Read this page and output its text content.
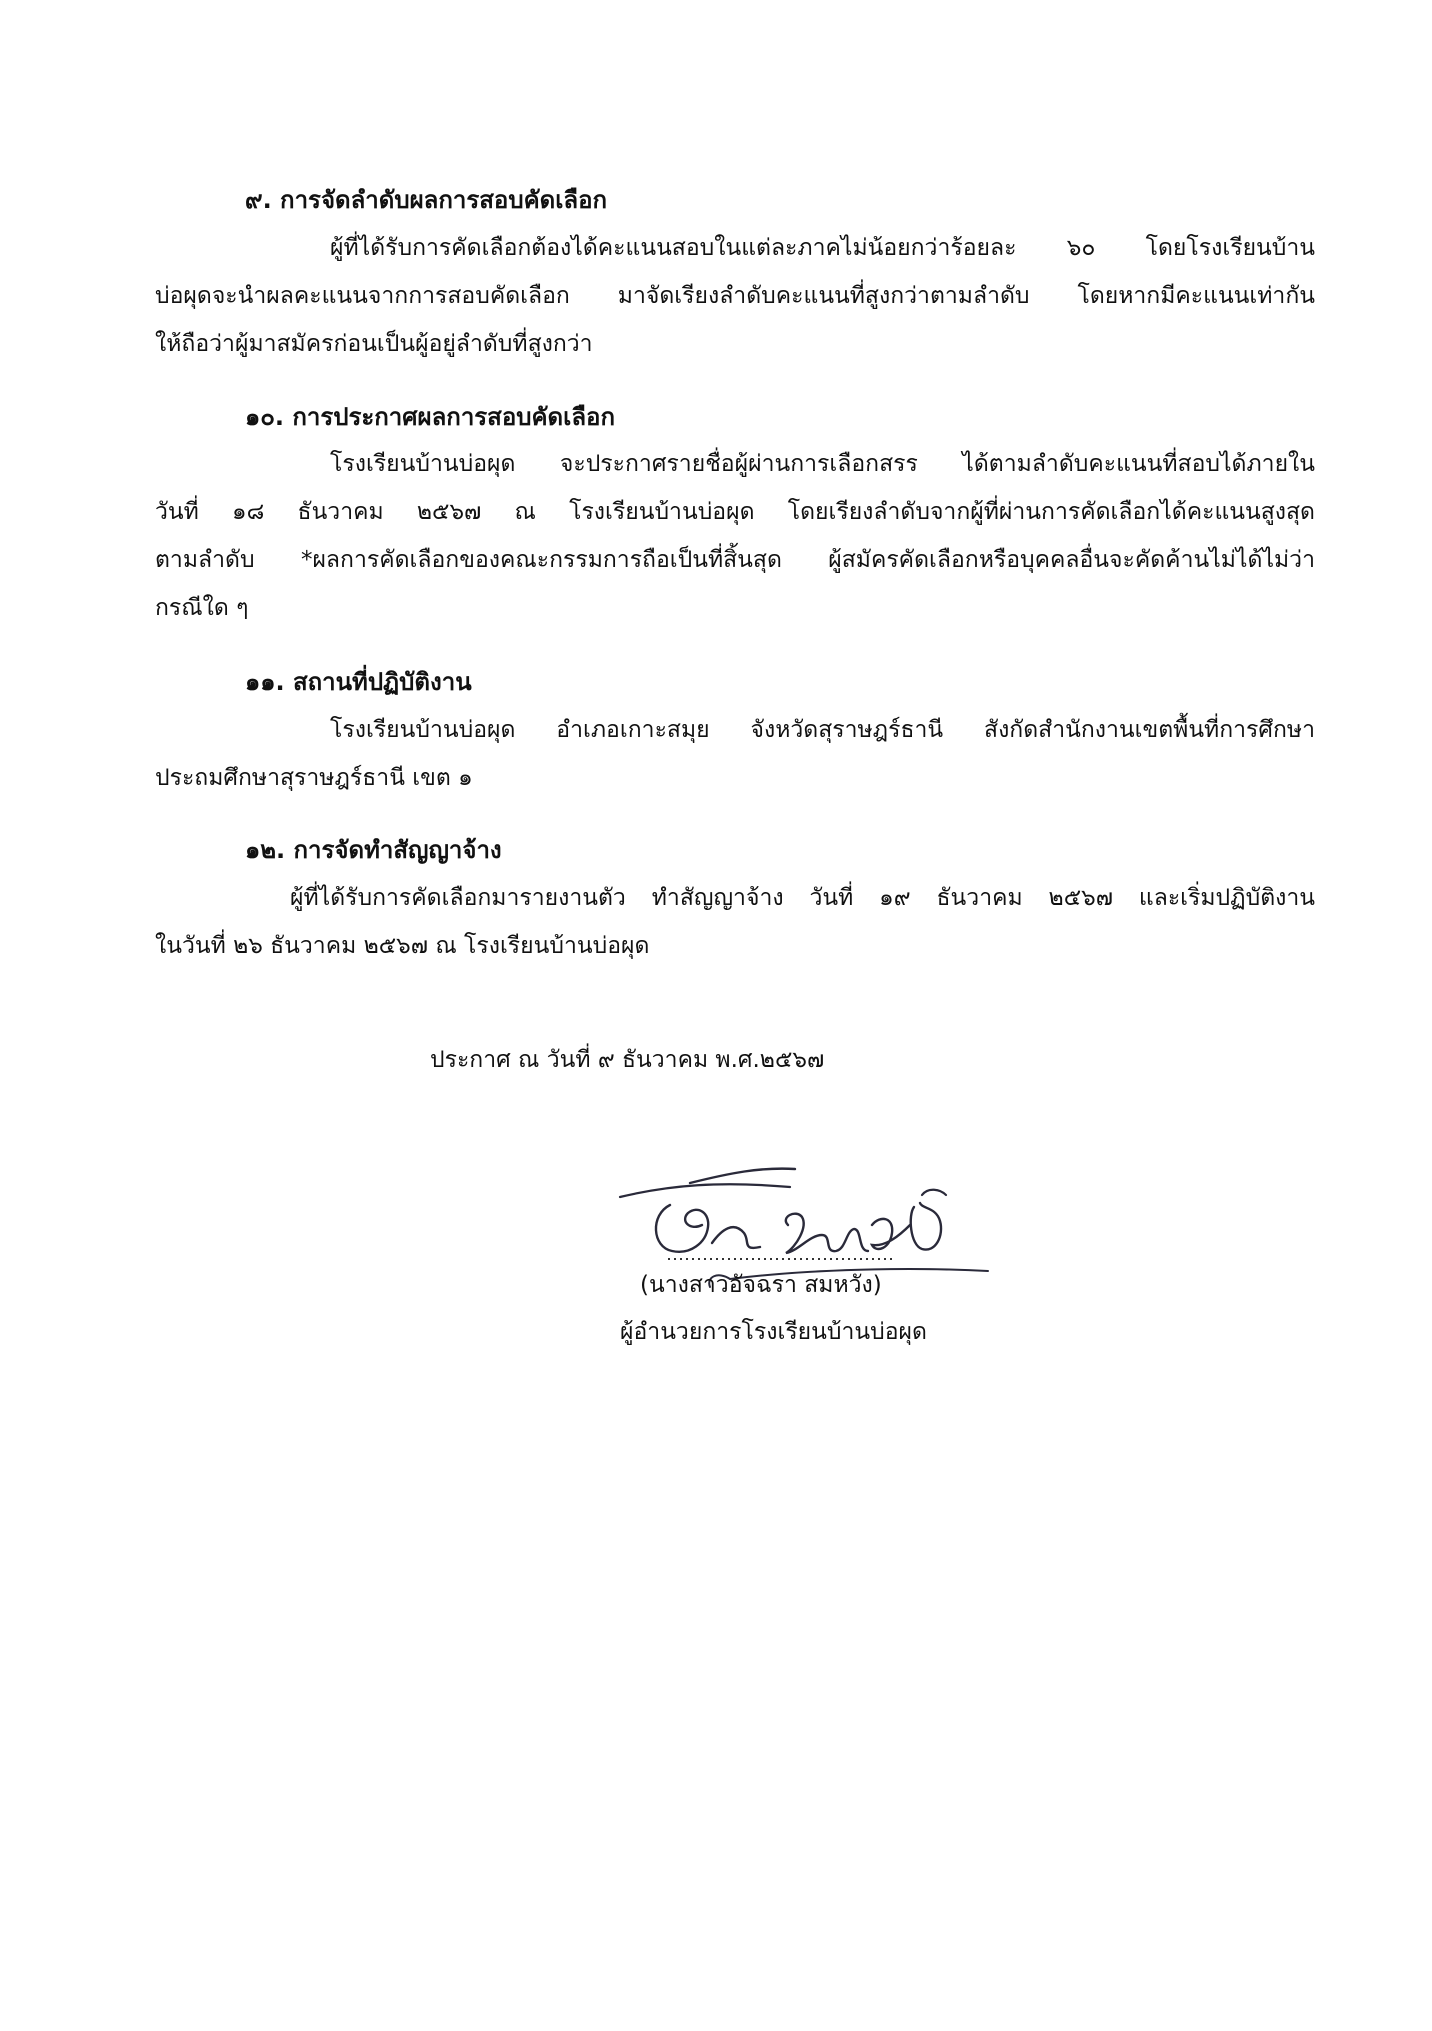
๙. การจัดลำดับผลการสอบคัดเลือก
ผู้ที่ได้รับการคัดเลือกต้องได้คะแนนสอบในแต่ละภาคไม่น้อยกว่าร้อยละ ๖๐ โดยโรงเรียนบ้าน
บ่อผุดจะนำผลคะแนนจากการสอบคัดเลือก มาจัดเรียงลำดับคะแนนที่สูงกว่าตามลำดับ โดยหากมีคะแนนเท่ากัน
ให้ถือว่าผู้มาสมัครก่อนเป็นผู้อยู่ลำดับที่สูงกว่า
๑๐. การประกาศผลการสอบคัดเลือก
โรงเรียนบ้านบ่อผุด จะประกาศรายชื่อผู้ผ่านการเลือกสรร ได้ตามลำดับคะแนนที่สอบได้ภายใน
วันที่ ๑๘ ธันวาคม ๒๕๖๗ ณ โรงเรียนบ้านบ่อผุด โดยเรียงลำดับจากผู้ที่ผ่านการคัดเลือกได้คะแนนสูงสุด
ตามลำดับ *ผลการคัดเลือกของคณะกรรมการถือเป็นที่สิ้นสุด ผู้สมัครคัดเลือกหรือบุคคลอื่นจะคัดค้านไม่ได้ไม่ว่า
กรณีใด ๆ
๑๑. สถานที่ปฏิบัติงาน
โรงเรียนบ้านบ่อผุด อำเภอเกาะสมุย จังหวัดสุราษฎร์ธานี สังกัดสำนักงานเขตพื้นที่การศึกษา
ประถมศึกษาสุราษฎร์ธานี เขต ๑
๑๒. การจัดทำสัญญาจ้าง
ผู้ที่ได้รับการคัดเลือกมารายงานตัว ทำสัญญาจ้าง วันที่ ๑๙ ธันวาคม ๒๕๖๗ และเริ่มปฏิบัติงาน
ในวันที่ ๒๖ ธันวาคม ๒๕๖๗ ณ โรงเรียนบ้านบ่อผุด
ประกาศ ณ วันที่ ๙ ธันวาคม พ.ศ.๒๕๖๗
(นางสาวอัจฉรา สมหวัง)
ผู้อำนวยการโรงเรียนบ้านบ่อผุด
